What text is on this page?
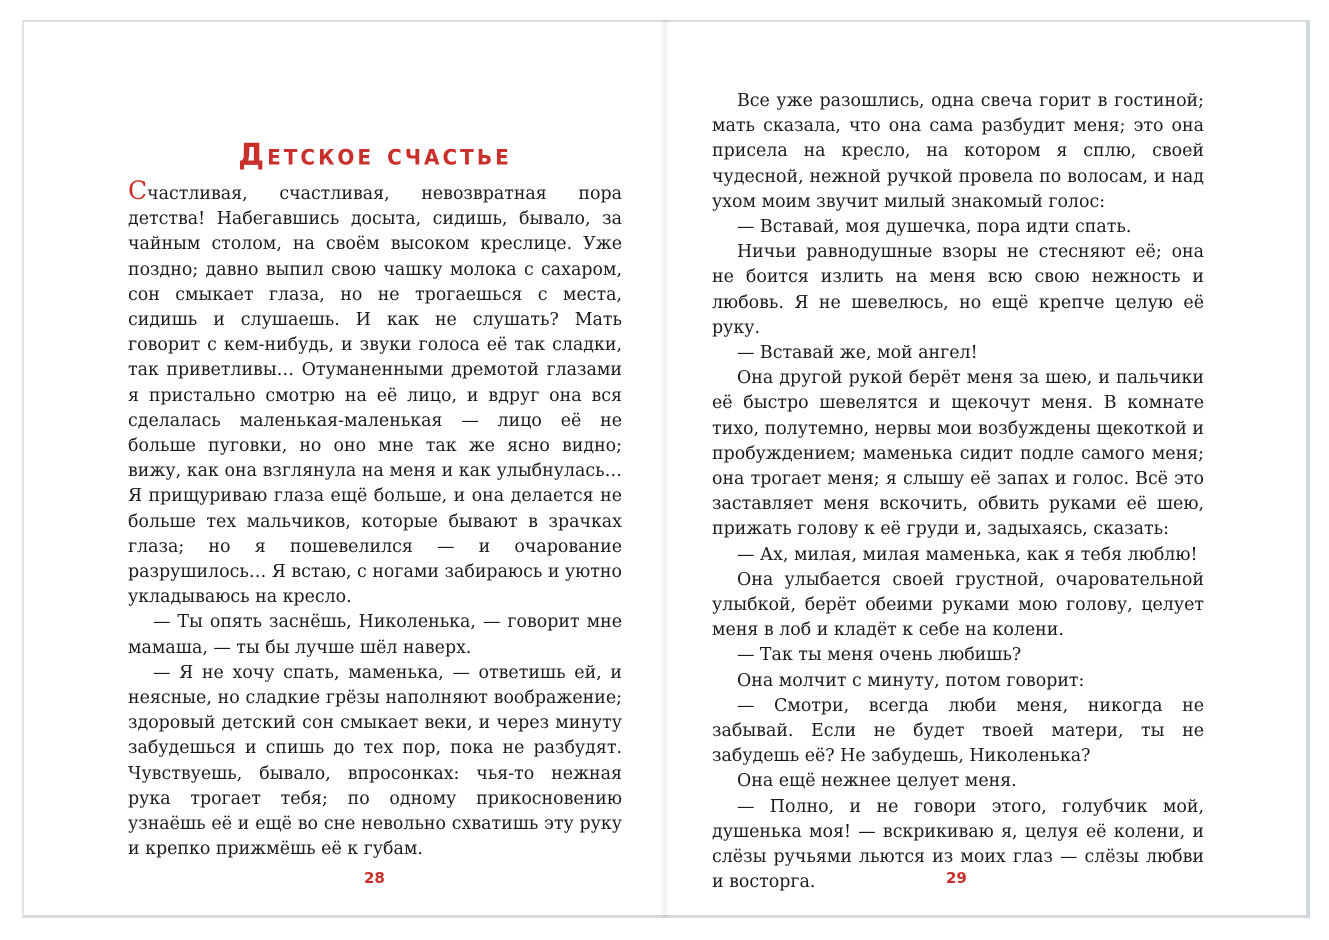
Детское счастье

Счастливая, счастливая, невозвратная пора детства! Набегавшись досыта, сидишь, бывало, за чайным столом, на своём высоком креслице. Уже поздно; давно выпил свою чашку молока с сахаром, сон смыкает глаза, но не трогаешься с места, сидишь и слушаешь. И как не слушать? Мать говорит с кем-нибудь, и звуки голоса её так сладки, так приветливы… Отуманенными дремотой глазами я пристально смотрю на её лицо, и вдруг она вся сделалась маленькая-маленькая — лицо её не больше пуговки, но оно мне так же ясно видно; вижу, как она взглянула на меня и как улыбнулась… Я прищуриваю глаза ещё больше, и она делается не больше тех мальчиков, которые бывают в зрачках глаза; но я пошевелился — и очарование разрушилось… Я встаю, с ногами забираюсь и уютно укладываюсь на кресло.

— Ты опять заснёшь, Николенька, — говорит мне мамаша, — ты бы лучше шёл наверх.

— Я не хочу спать, маменька, — ответишь ей, и неясные, но сладкие грёзы наполняют воображение; здоровый детский сон смыкает веки, и через минуту забудешься и спишь до тех пор, пока не разбудят. Чувствуешь, бывало, впросонках: чья-то нежная рука трогает тебя; по одному прикосновению узнаёшь её и ещё во сне невольно схватишь эту руку и крепко прижмёшь её к губам.

Все уже разошлись, одна свеча горит в гостиной; мать сказала, что она сама разбудит меня; это она присела на кресло, на котором я сплю, своей чудесной, нежной ручкой провела по волосам, и над ухом моим звучит милый знакомый голос:

— Вставай, моя душечка, пора идти спать.

Ничьи равнодушные взоры не стесняют её; она не боится излить на меня всю свою нежность и любовь. Я не шевелюсь, но ещё крепче целую её руку.

— Вставай же, мой ангел!

Она другой рукой берёт меня за шею, и пальчики её быстро шевелятся и щекочут меня. В комнате тихо, полутемно, нервы мои возбуждены щекоткой и пробуждением; маменька сидит подле самого меня; она трогает меня; я слышу её запах и голос. Всё это заставляет меня вскочить, обвить руками её шею, прижать голову к её груди и, задыхаясь, сказать:

— Ах, милая, милая маменька, как я тебя люблю!

Она улыбается своей грустной, очаровательной улыбкой, берёт обеими руками мою голову, целует меня в лоб и кладёт к себе на колени.

— Так ты меня очень любишь?

Она молчит с минуту, потом говорит:

— Смотри, всегда люби меня, никогда не забывай. Если не будет твоей матери, ты не забудешь её? Не забудешь, Николенька?

Она ещё нежнее целует меня.

— Полно, и не говори этого, голубчик мой, душенька моя! — вскрикиваю я, целуя её колени, и слёзы ручьями льются из моих глаз — слёзы любви и восторга.

28	29
